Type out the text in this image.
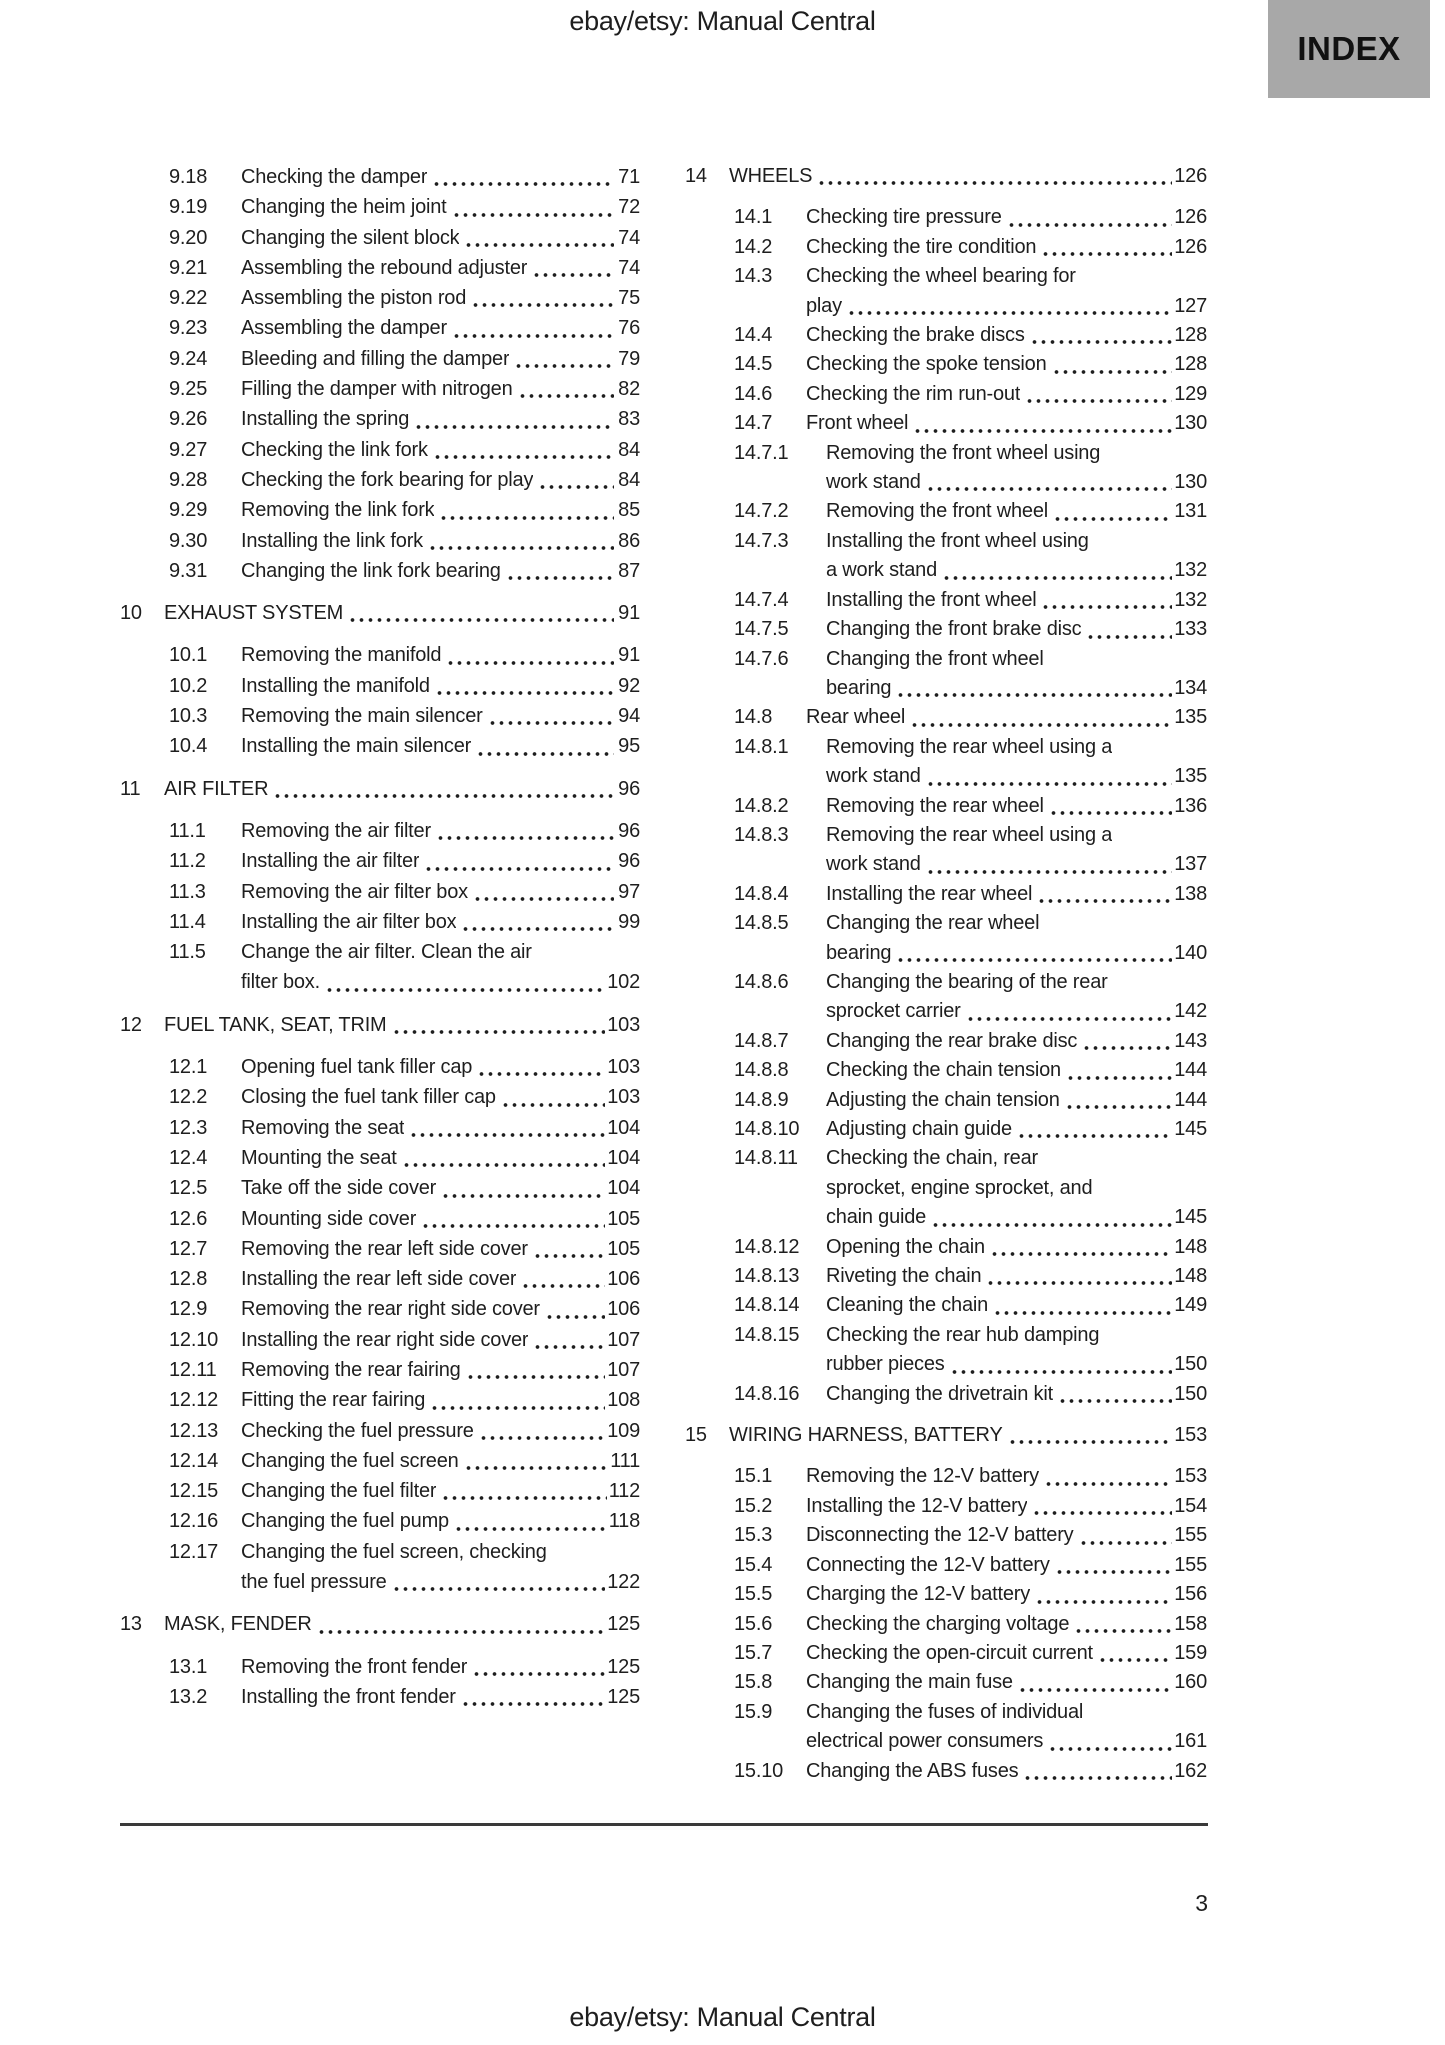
ebay/etsy: Manual Central
INDEX
9.18	Checking the damper	71
9.19	Changing the heim joint	72
9.20	Changing the silent block	74
9.21	Assembling the rebound adjuster	74
9.22	Assembling the piston rod	75
9.23	Assembling the damper	76
9.24	Bleeding and filling the damper	79
9.25	Filling the damper with nitrogen	82
9.26	Installing the spring	83
9.27	Checking the link fork	84
9.28	Checking the fork bearing for play	84
9.29	Removing the link fork	85
9.30	Installing the link fork	86
9.31	Changing the link fork bearing	87
10	EXHAUST SYSTEM	91
10.1	Removing the manifold	91
10.2	Installing the manifold	92
10.3	Removing the main silencer	94
10.4	Installing the main silencer	95
11	AIR FILTER	96
11.1	Removing the air filter	96
11.2	Installing the air filter	96
11.3	Removing the air filter box	97
11.4	Installing the air filter box	99
11.5	Change the air filter. Clean the air
filter box.	102
12	FUEL TANK, SEAT, TRIM	103
12.1	Opening fuel tank filler cap	103
12.2	Closing the fuel tank filler cap	103
12.3	Removing the seat	104
12.4	Mounting the seat	104
12.5	Take off the side cover	104
12.6	Mounting side cover	105
12.7	Removing the rear left side cover	105
12.8	Installing the rear left side cover	106
12.9	Removing the rear right side cover	106
12.10	Installing the rear right side cover	107
12.11	Removing the rear fairing	107
12.12	Fitting the rear fairing	108
12.13	Checking the fuel pressure	109
12.14	Changing the fuel screen	111
12.15	Changing the fuel filter	112
12.16	Changing the fuel pump	118
12.17	Changing the fuel screen, checking
the fuel pressure	122
13	MASK, FENDER	125
13.1	Removing the front fender	125
13.2	Installing the front fender	125
14	WHEELS	126
14.1	Checking tire pressure	126
14.2	Checking the tire condition	126
14.3	Checking the wheel bearing for
play	127
14.4	Checking the brake discs	128
14.5	Checking the spoke tension	128
14.6	Checking the rim run-out	129
14.7	Front wheel	130
14.7.1	Removing the front wheel using
work stand	130
14.7.2	Removing the front wheel	131
14.7.3	Installing the front wheel using
a work stand	132
14.7.4	Installing the front wheel	132
14.7.5	Changing the front brake disc	133
14.7.6	Changing the front wheel
bearing	134
14.8	Rear wheel	135
14.8.1	Removing the rear wheel using a
work stand	135
14.8.2	Removing the rear wheel	136
14.8.3	Removing the rear wheel using a
work stand	137
14.8.4	Installing the rear wheel	138
14.8.5	Changing the rear wheel
bearing	140
14.8.6	Changing the bearing of the rear
sprocket carrier	142
14.8.7	Changing the rear brake disc	143
14.8.8	Checking the chain tension	144
14.8.9	Adjusting the chain tension	144
14.8.10	Adjusting chain guide	145
14.8.11	Checking the chain, rear
sprocket, engine sprocket, and
chain guide	145
14.8.12	Opening the chain	148
14.8.13	Riveting the chain	148
14.8.14	Cleaning the chain	149
14.8.15	Checking the rear hub damping
rubber pieces	150
14.8.16	Changing the drivetrain kit	150
15	WIRING HARNESS, BATTERY	153
15.1	Removing the 12-V battery	153
15.2	Installing the 12-V battery	154
15.3	Disconnecting the 12-V battery	155
15.4	Connecting the 12-V battery	155
15.5	Charging the 12-V battery	156
15.6	Checking the charging voltage	158
15.7	Checking the open-circuit current	159
15.8	Changing the main fuse	160
15.9	Changing the fuses of individual
electrical power consumers	161
15.10	Changing the ABS fuses	162
3
ebay/etsy: Manual Central
